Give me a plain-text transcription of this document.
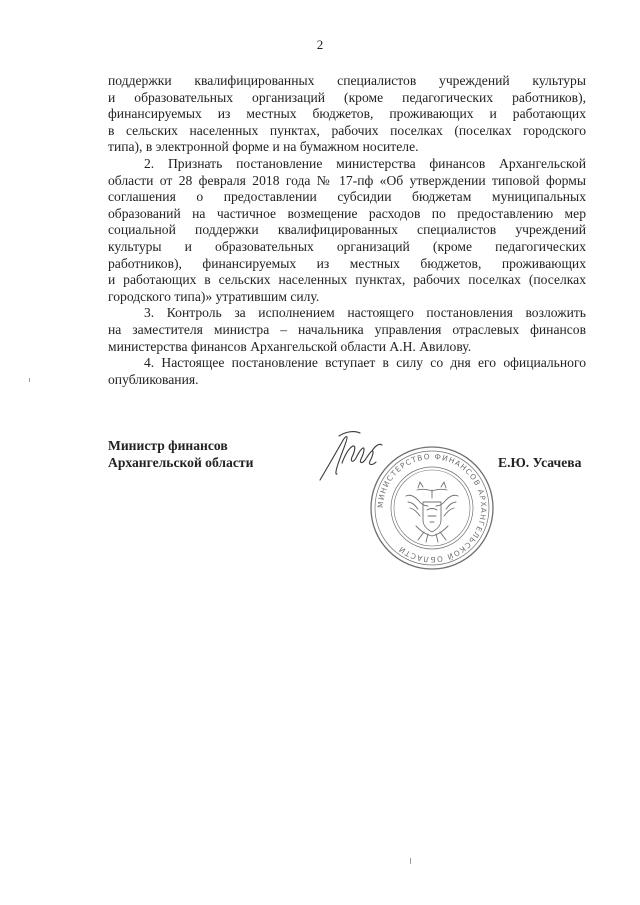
2
поддержки квалифицированных специалистов учреждений культуры
и образовательных организаций (кроме педагогических работников),
финансируемых из местных бюджетов, проживающих и работающих
в сельских населенных пунктах, рабочих поселках (поселках городского
типа), в электронной форме и на бумажном носителе.
2. Признать постановление министерства финансов Архангельской
области от 28 февраля 2018 года № 17-пф «Об утверждении типовой формы
соглашения о предоставлении субсидии бюджетам муниципальных
образований на частичное возмещение расходов по предоставлению мер
социальной поддержки квалифицированных специалистов учреждений
культуры и образовательных организаций (кроме педагогических
работников), финансируемых из местных бюджетов, проживающих
и работающих в сельских населенных пунктах, рабочих поселках (поселках
городского типа)» утратившим силу.
3. Контроль за исполнением настоящего постановления возложить
на заместителя министра – начальника управления отраслевых финансов
министерства финансов Архангельской области А.Н. Авилову.
4. Настоящее постановление вступает в силу со дня его официального
опубликования.
Министр финансов
Архангельской области
МИНИСТЕРСТВО ФИНАНСОВ АРХАНГЕЛЬСКОЙ ОБЛАСТИ
Е.Ю. Усачева
